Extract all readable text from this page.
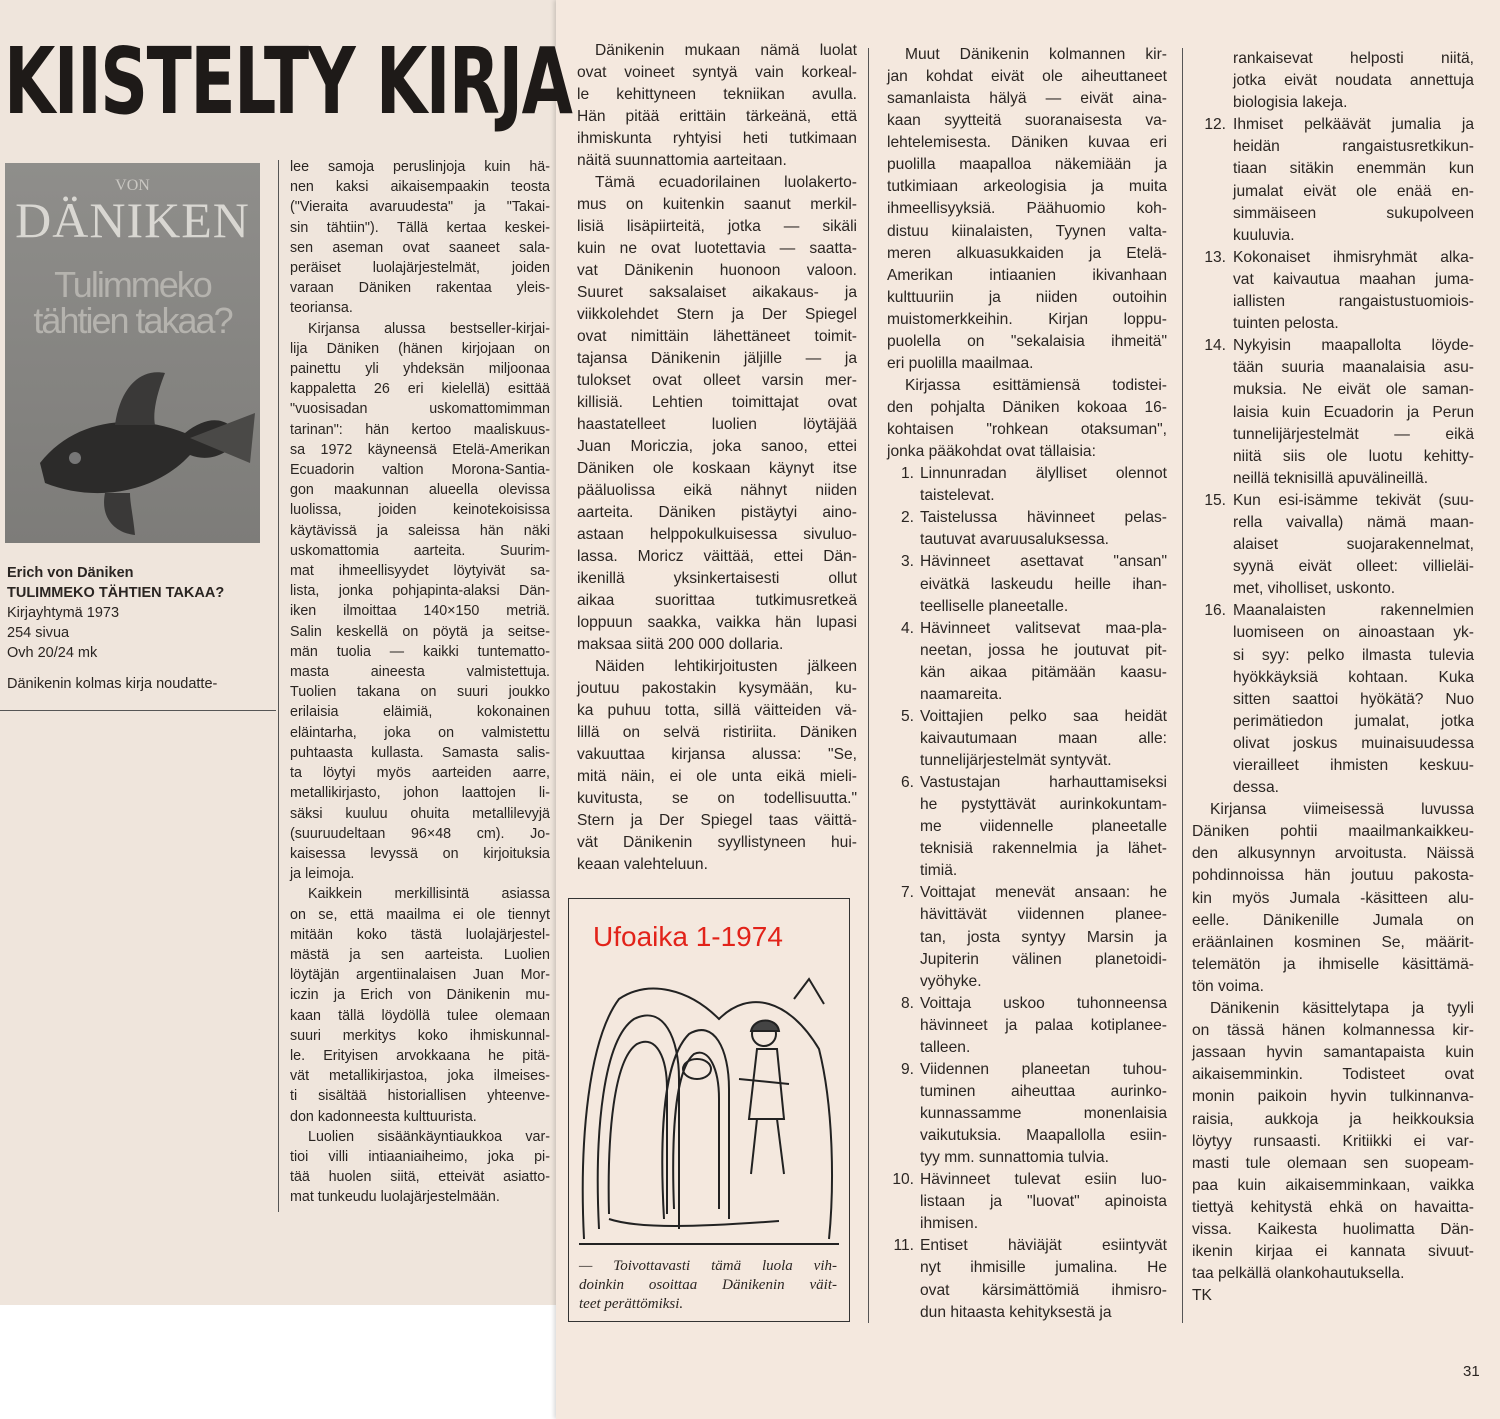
KIISTELTY KIRJA
VON
DÄNIKEN
Tulimmeko tähtien takaa?
Erich von Däniken
TULIMMEKO TÄHTIEN TAKAA?
Kirjayhtymä 1973
254 sivua
Ovh 20/24 mk
Dänikenin kolmas kirja noudatte-
lee samoja peruslinjoja kuin hä-
nen kaksi aikaisempaakin teosta
("Vieraita avaruudesta" ja "Takai-
sin tähtiin"). Tällä kertaa keskei-
sen aseman ovat saaneet sala-
peräiset luolajärjestelmät, joiden
varaan Däniken rakentaa yleis-
teoriansa.
Kirjansa alussa bestseller-kirjai-
lija Däniken (hänen kirjojaan on
painettu yli yhdeksän miljoonaa
kappaletta 26 eri kielellä) esittää
"vuosisadan uskomattomimman
tarinan": hän kertoo maaliskuus-
sa 1972 käyneensä Etelä-Amerikan
Ecuadorin valtion Morona-Santia-
gon maakunnan alueella olevissa
luolissa, joiden keinotekoisissa
käytävissä ja saleissa hän näki
uskomattomia aarteita. Suurim-
mat ihmeellisyydet löytyivät sa-
lista, jonka pohjapinta-alaksi Dän-
iken ilmoittaa 140×150 metriä.
Salin keskellä on pöytä ja seitse-
män tuolia — kaikki tuntematto-
masta aineesta valmistettuja.
Tuolien takana on suuri joukko
erilaisia eläimiä, kokonainen
eläintarha, joka on valmistettu
puhtaasta kullasta. Samasta salis-
ta löytyi myös aarteiden aarre,
metallikirjasto, johon laattojen li-
säksi kuuluu ohuita metallilevyjä
(suuruudeltaan 96×48 cm). Jo-
kaisessa levyssä on kirjoituksia
ja leimoja.
Kaikkein merkillisintä asiassa
on se, että maailma ei ole tiennyt
mitään koko tästä luolajärjestel-
mästä ja sen aarteista. Luolien
löytäjän argentiinalaisen Juan Mor-
iczin ja Erich von Dänikenin mu-
kaan tällä löydöllä tulee olemaan
suuri merkitys koko ihmiskunnal-
le. Erityisen arvokkaana he pitä-
vät metallikirjastoa, joka ilmeises-
ti sisältää historiallisen yhteenve-
don kadonneesta kulttuurista.
Luolien sisäänkäyntiaukkoa var-
tioi villi intiaaniaiheimo, joka pi-
tää huolen siitä, etteivät asiatto-
mat tunkeudu luolajärjestelmään.
Dänikenin mukaan nämä luolat
ovat voineet syntyä vain korkeal-
le kehittyneen tekniikan avulla.
Hän pitää erittäin tärkeänä, että
ihmiskunta ryhtyisi heti tutkimaan
näitä suunnattomia aarteitaan.
Tämä ecuadorilainen luolakerto-
mus on kuitenkin saanut merkil-
lisiä lisäpiirteitä, jotka — sikäli
kuin ne ovat luotettavia — saatta-
vat Dänikenin huonoon valoon.
Suuret saksalaiset aikakaus- ja
viikkolehdet Stern ja Der Spiegel
ovat nimittäin lähettäneet toimit-
tajansa Dänikenin jäljille — ja
tulokset ovat olleet varsin mer-
killisiä. Lehtien toimittajat ovat
haastatelleet luolien löytäjää
Juan Moricziа, joka sanoo, ettei
Däniken ole koskaan käynyt itse
pääluolissa eikä nähnyt niiden
aarteita. Däniken pistäytyi aino-
astaan helppokulkuisessa sivuluo-
lassa. Moricz väittää, ettei Dän-
ikenillä yksinkertaisesti ollut
aikaa suorittaa tutkimusretkeä
loppuun saakka, vaikka hän lupasi
maksaa siitä 200 000 dollaria.
Näiden lehtikirjoitusten jälkeen
joutuu pakostakin kysymään, ku-
ka puhuu totta, sillä väitteiden vä-
lillä on selvä ristiriita. Däniken
vakuuttaa kirjansa alussa: "Se,
mitä näin, ei ole unta eikä mieli-
kuvitusta, se on todellisuutta."
Stern ja Der Spiegel taas väittä-
vät Dänikenin syyllistyneen hui-
keaan valehteluun.
Muut Dänikenin kolmannen kir-
jan kohdat eivät ole aiheuttaneet
samanlaista hälyä — eivät aina-
kaan syytteitä suoranaisesta va-
lehtelemisesta. Däniken kuvaa eri
puolilla maapalloa näkemiään ja
tutkimiaan arkeologisia ja muita
ihmeellisyyksiä. Päähuomio koh-
distuu kiinalaisten, Tyynen valta-
meren alkuasukkaiden ja Etelä-
Amerikan intiaanien ikivanhaan
kulttuuriin ja niiden outoihin
muistomerkkeihin. Kirjan loppu-
puolella on "sekalaisia ihmeitä"
eri puolilla maailmaa.
Kirjassa esittämiensä todistei-
den pohjalta Däniken kokoaa 16-
kohtaisen "rohkean otaksuman",
jonka pääkohdat ovat tällaisia:
1. Linnunradan älylliset olennot
taistelevat.
2. Taistelussa hävinneet pelas-
tautuvat avaruusaluksessa.
3. Hävinneet asettavat "ansan"
eivätkä laskeudu heille ihan-
teelliselle planeetalle.
4. Hävinneet valitsevat maa-pla-
neetan, jossa he joutuvat pit-
kän aikaa pitämään kaasu-
naamareita.
5. Voittajien pelko saa heidät
kaivautumaan maan alle:
tunnelijärjestelmät syntyvät.
6. Vastustajan harhauttamiseksi
he pystyttävät aurinkokuntam-
me viidennelle planeetalle
teknisiä rakennelmia ja lähet-
timiä.
7. Voittajat menevät ansaan: he
hävittävät viidennen planee-
tan, josta syntyy Marsin ja
Jupiterin välinen planetoidi-
vyöhyke.
8. Voittaja uskoo tuhonneensa
hävinneet ja palaa kotiplanee-
talleen.
9. Viidennen planeetan tuhou-
tuminen aiheuttaa aurinko-
kunnassamme monenlaisia
vaikutuksia. Maapallolla esiin-
tyy mm. sunnattomia tulvia.
10. Hävinneet tulevat esiin luo-
listaan ja "luovat" apinoista
ihmisen.
11. Entiset häviäjät esiintyvät
nyt ihmisille jumalina. He
ovat kärsimättömiä ihmisro-
dun hitaasta kehityksestä ja
rankaisevat helposti niitä,
jotka eivät noudata annettuja
biologisia lakeja.
12. Ihmiset pelkäävät jumalia ja
heidän rangaistusretkikun-
tiaan sitäkin enemmän kun
jumalat eivät ole enää en-
simmäiseen sukupolveen
kuuluvia.
13. Kokonaiset ihmisryhmät alka-
vat kaivautua maahan juma-
iallisten rangaistustuomiois-
tuinten pelosta.
14. Nykyisin maapallolta löyde-
tään suuria maanalaisia asu-
muksia. Ne eivät ole saman-
laisia kuin Ecuadorin ja Perun
tunnelijärjestelmät — eikä
niitä siis ole luotu kehitty-
neillä teknisillä apuvälineillä.
15. Kun esi-isämme tekivät (suu-
rella vaivalla) nämä maan-
alaiset suojarakennelmat,
syynä eivät olleet: villieläi-
met, viholliset, uskonto.
16. Maanalaisten rakennelmien
luomiseen on ainoastaan yk-
si syy: pelko ilmasta tulevia
hyökkäyksiä kohtaan. Kuka
sitten saattoi hyökätä? Nuo
perimätiedon jumalat, jotka
olivat joskus muinaisuudessa
vierailleet ihmisten keskuu-
dessa.
Kirjansa viimeisessä luvussa
Däniken pohtii maailmankaikkeu-
den alkusynnyn arvoitusta. Näissä
pohdinnoissa hän joutuu pakosta-
kin myös Jumala -käsitteen alu-
eelle. Dänikenille Jumala on
eräänlainen kosminen Se, määrit-
telemätön ja ihmiselle käsittämä-
tön voima.
Dänikenin käsittelytapa ja tyyli
on tässä hänen kolmannessa kir-
jassaan hyvin samantapaista kuin
aikaisemminkin. Todisteet ovat
monin paikoin hyvin tulkinnanva-
raisia, aukkoja ja heikkouksia
löytyy runsaasti. Kritiikki ei var-
masti tule olemaan sen suopeam-
paa kuin aikaisemminkaan, vaikka
tiettyä kehitystä ehkä on havaitta-
vissa. Kaikesta huolimatta Dän-
ikenin kirjaa ei kannata sivuut-
taa pelkällä olankohautuksella.
TK
Ufoaika 1-1974
— Toivottavasti tämä luola vih-
doinkin osoittaa Dänikenin väit-
teet perättömiksi.
31
